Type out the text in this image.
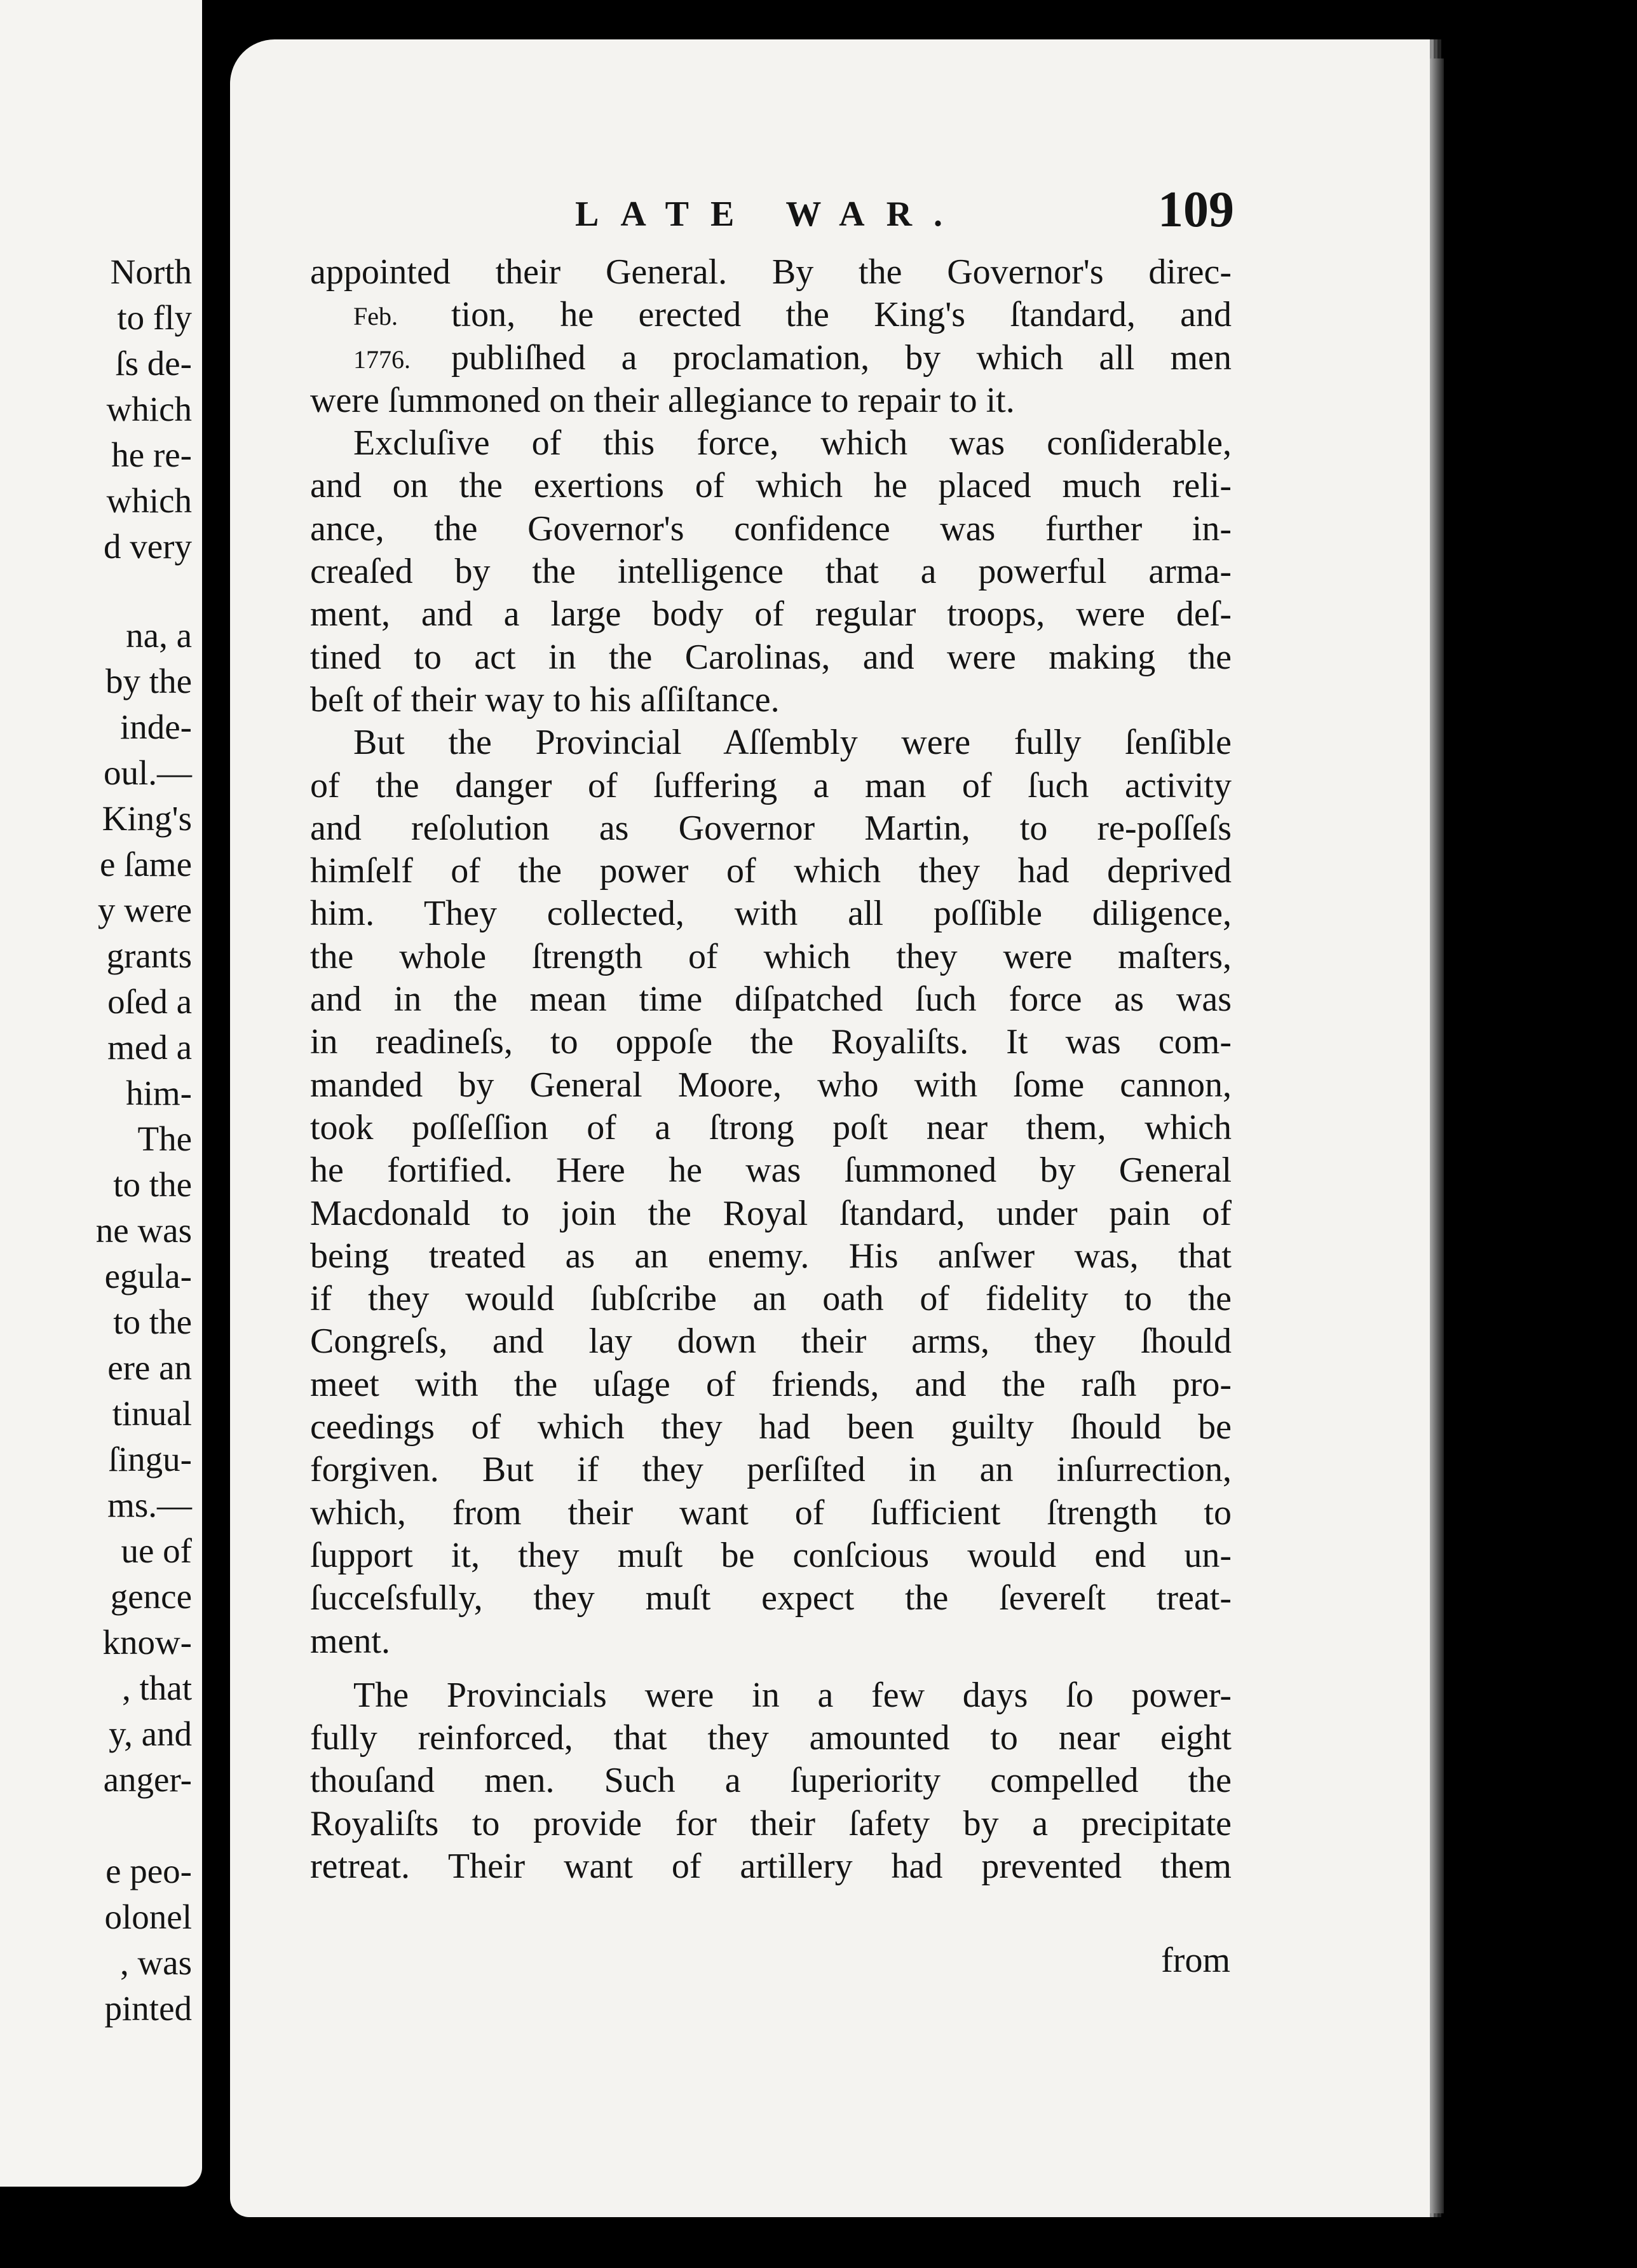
North
to fly
ſs de-
which
he re-
which
d very
na, a
by the
inde-
oul.—
King's
e ſame
y were
grants
oſed a
med a
him-
The
to the
ne was
egula-
to the
ere an
tinual
ſingu-
ms.—
ue of
gence
know-
, that
y, and
anger-
e peo-
olonel
, was
pinted
LATE WAR.	109
appointed their General. By the Governor's direc-
Feb. tion, he erected the King's ſtandard, and
1776. publiſhed a proclamation, by which all men
were ſummoned on their allegiance to repair to it.
Excluſive of this force, which was conſiderable,
and on the exertions of which he placed much reli-
ance, the Governor's confidence was further in-
creaſed by the intelligence that a powerful arma-
ment, and a large body of regular troops, were deſ-
tined to act in the Carolinas, and were making the
beſt of their way to his aſſiſtance.
But the Provincial Aſſembly were fully ſenſible
of the danger of ſuffering a man of ſuch activity
and reſolution as Governor Martin, to re-poſſeſs
himſelf of the power of which they had deprived
him. They collected, with all poſſible diligence,
the whole ſtrength of which they were maſters,
and in the mean time diſpatched ſuch force as was
in readineſs, to oppoſe the Royaliſts. It was com-
manded by General Moore, who with ſome cannon,
took poſſeſſion of a ſtrong poſt near them, which
he fortified. Here he was ſummoned by General
Macdonald to join the Royal ſtandard, under pain of
being treated as an enemy. His anſwer was, that
if they would ſubſcribe an oath of fidelity to the
Congreſs, and lay down their arms, they ſhould
meet with the uſage of friends, and the raſh pro-
ceedings of which they had been guilty ſhould be
forgiven. But if they perſiſted in an inſurrection,
which, from their want of ſufficient ſtrength to
ſupport it, they muſt be conſcious would end un-
ſucceſsfully, they muſt expect the ſevereſt treat-
ment.
The Provincials were in a few days ſo power-
fully reinforced, that they amounted to near eight
thouſand men. Such a ſuperiority compelled the
Royaliſts to provide for their ſafety by a precipitate
retreat. Their want of artillery had prevented them
from
